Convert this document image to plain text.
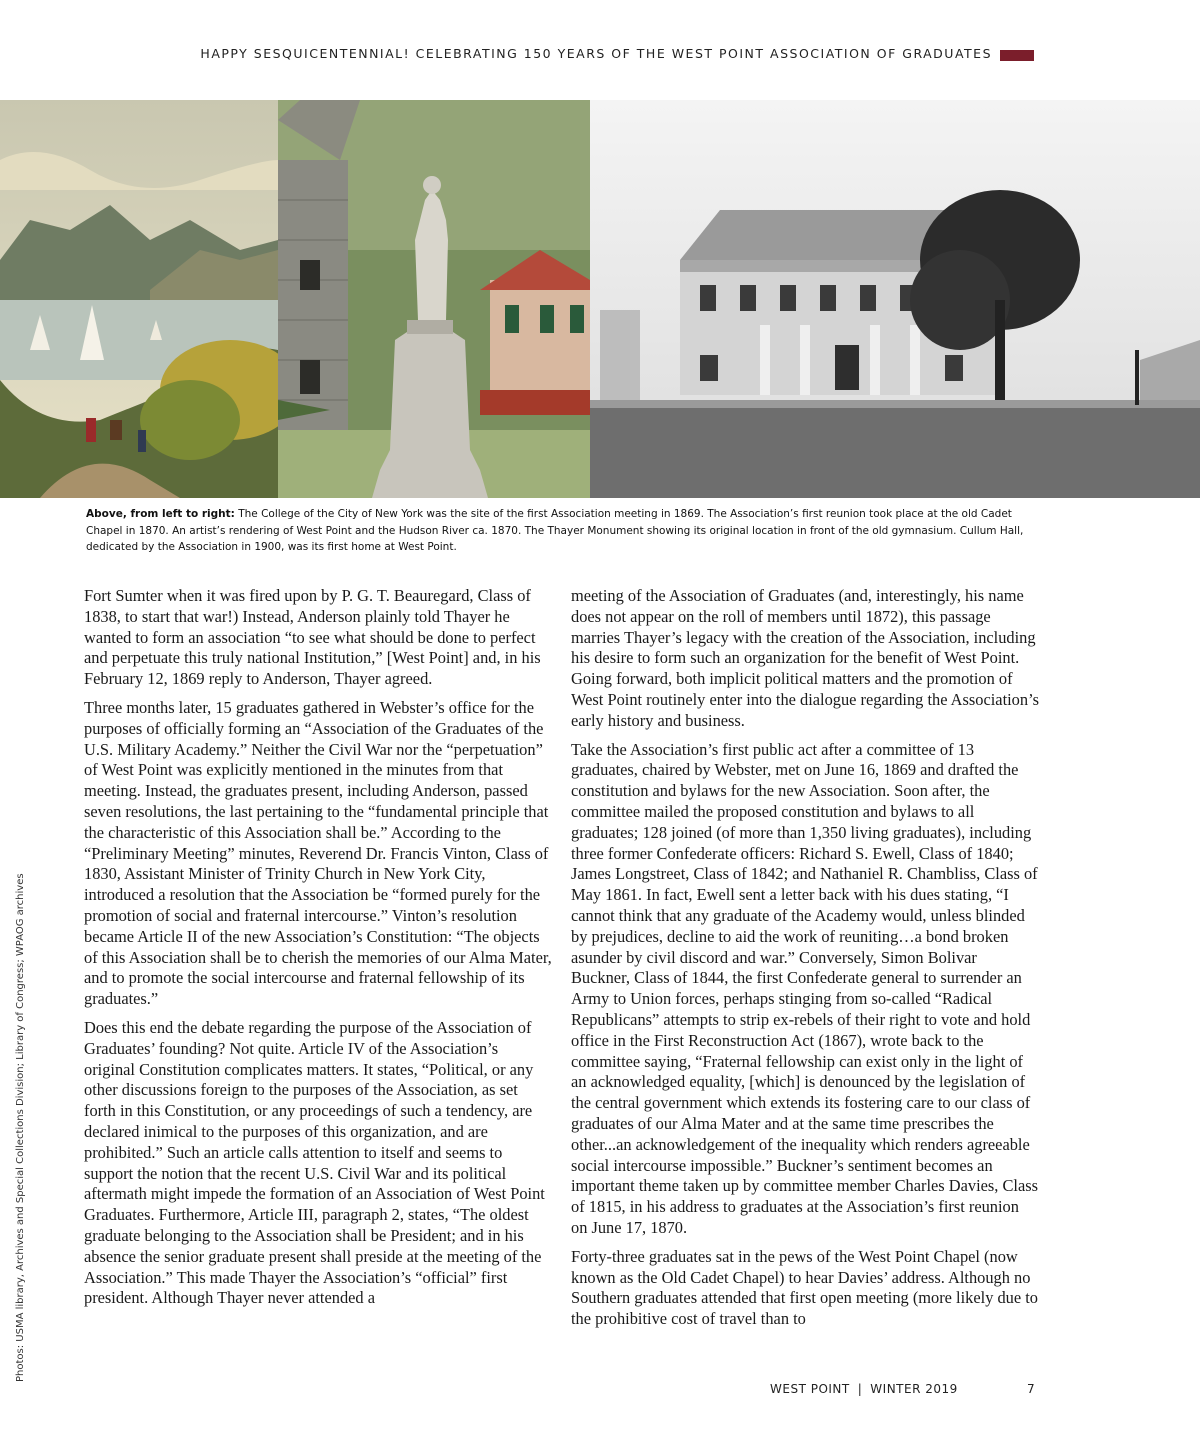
HAPPY SESQUICENTENNIAL! CELEBRATING 150 YEARS OF THE WEST POINT ASSOCIATION OF GRADUATES
Above, from left to right: The College of the City of New York was the site of the first Association meeting in 1869. The Association’s first reunion took place at the old Cadet Chapel in 1870. An artist’s rendering of West Point and the Hudson River ca. 1870. The Thayer Monument showing its original location in front of the old gymnasium. Cullum Hall, dedicated by the Association in 1900, was its first home at West Point.
Photos: USMA library, Archives and Special Collections Division; Library of Congress; WPAOG archives

Fort Sumter when it was fired upon by P. G. T. Beauregard, Class of 1838, to start that war!) Instead, Anderson plainly told Thayer he wanted to form an association “to see what should be done to perfect and perpetuate this truly national Institution,” [West Point] and, in his February 12, 1869 reply to Anderson, Thayer agreed.

Three months later, 15 graduates gathered in Webster’s office for the purposes of officially forming an “Association of the Graduates of the U.S. Military Academy.” Neither the Civil War nor the “perpetuation” of West Point was explicitly mentioned in the minutes from that meeting. Instead, the graduates present, including Anderson, passed seven resolutions, the last pertaining to the “fundamental principle that the characteristic of this Association shall be.” According to the “Preliminary Meeting” minutes, Reverend Dr. Francis Vinton, Class of 1830, Assistant Minister of Trinity Church in New York City, introduced a resolution that the Association be “formed purely for the promotion of social and fraternal intercourse.” Vinton’s resolution became Article II of the new Association’s Constitution: “The objects of this Association shall be to cherish the memories of our Alma Mater, and to promote the social intercourse and fraternal fellowship of its graduates.”

Does this end the debate regarding the purpose of the Association of Graduates’ founding? Not quite. Article IV of the Association’s original Constitution complicates matters. It states, “Political, or any other discussions foreign to the purposes of the Association, as set forth in this Constitution, or any proceedings of such a tendency, are declared inimical to the purposes of this organization, and are prohibited.” Such an article calls attention to itself and seems to support the notion that the recent U.S. Civil War and its political aftermath might impede the formation of an Association of West Point Graduates. Furthermore, Article III, paragraph 2, states, “The oldest graduate belonging to the Association shall be President; and in his absence the senior graduate present shall preside at the meeting of the Association.” This made Thayer the Association’s “official” first president. Although Thayer never attended a

meeting of the Association of Graduates (and, interestingly, his name does not appear on the roll of members until 1872), this passage marries Thayer’s legacy with the creation of the Association, including his desire to form such an organization for the benefit of West Point. Going forward, both implicit political matters and the promotion of West Point routinely enter into the dialogue regarding the Association’s early history and business.

Take the Association’s first public act after a committee of 13 graduates, chaired by Webster, met on June 16, 1869 and drafted the constitution and bylaws for the new Association. Soon after, the committee mailed the proposed constitution and bylaws to all graduates; 128 joined (of more than 1,350 living graduates), including three former Confederate officers: Richard S. Ewell, Class of 1840; James Longstreet, Class of 1842; and Nathaniel R. Chambliss, Class of May 1861. In fact, Ewell sent a letter back with his dues stating, “I cannot think that any graduate of the Academy would, unless blinded by prejudices, decline to aid the work of reuniting…a bond broken asunder by civil discord and war.” Conversely, Simon Bolivar Buckner, Class of 1844, the first Confederate general to surrender an Army to Union forces, perhaps stinging from so-called “Radical Republicans” attempts to strip ex-rebels of their right to vote and hold office in the First Reconstruction Act (1867), wrote back to the committee saying, “Fraternal fellowship can exist only in the light of an acknowledged equality, [which] is denounced by the legislation of the central government which extends its fostering care to our class of graduates of our Alma Mater and at the same time prescribes the other...an acknowledgement of the inequality which renders agreeable social intercourse impossible.” Buckner’s sentiment becomes an important theme taken up by committee member Charles Davies, Class of 1815, in his address to graduates at the Association’s first reunion on June 17, 1870.

Forty-three graduates sat in the pews of the West Point Chapel (now known as the Old Cadet Chapel) to hear Davies’ address. Although no Southern graduates attended that first open meeting (more likely due to the prohibitive cost of travel than to

WEST POINT | WINTER 2019	7
